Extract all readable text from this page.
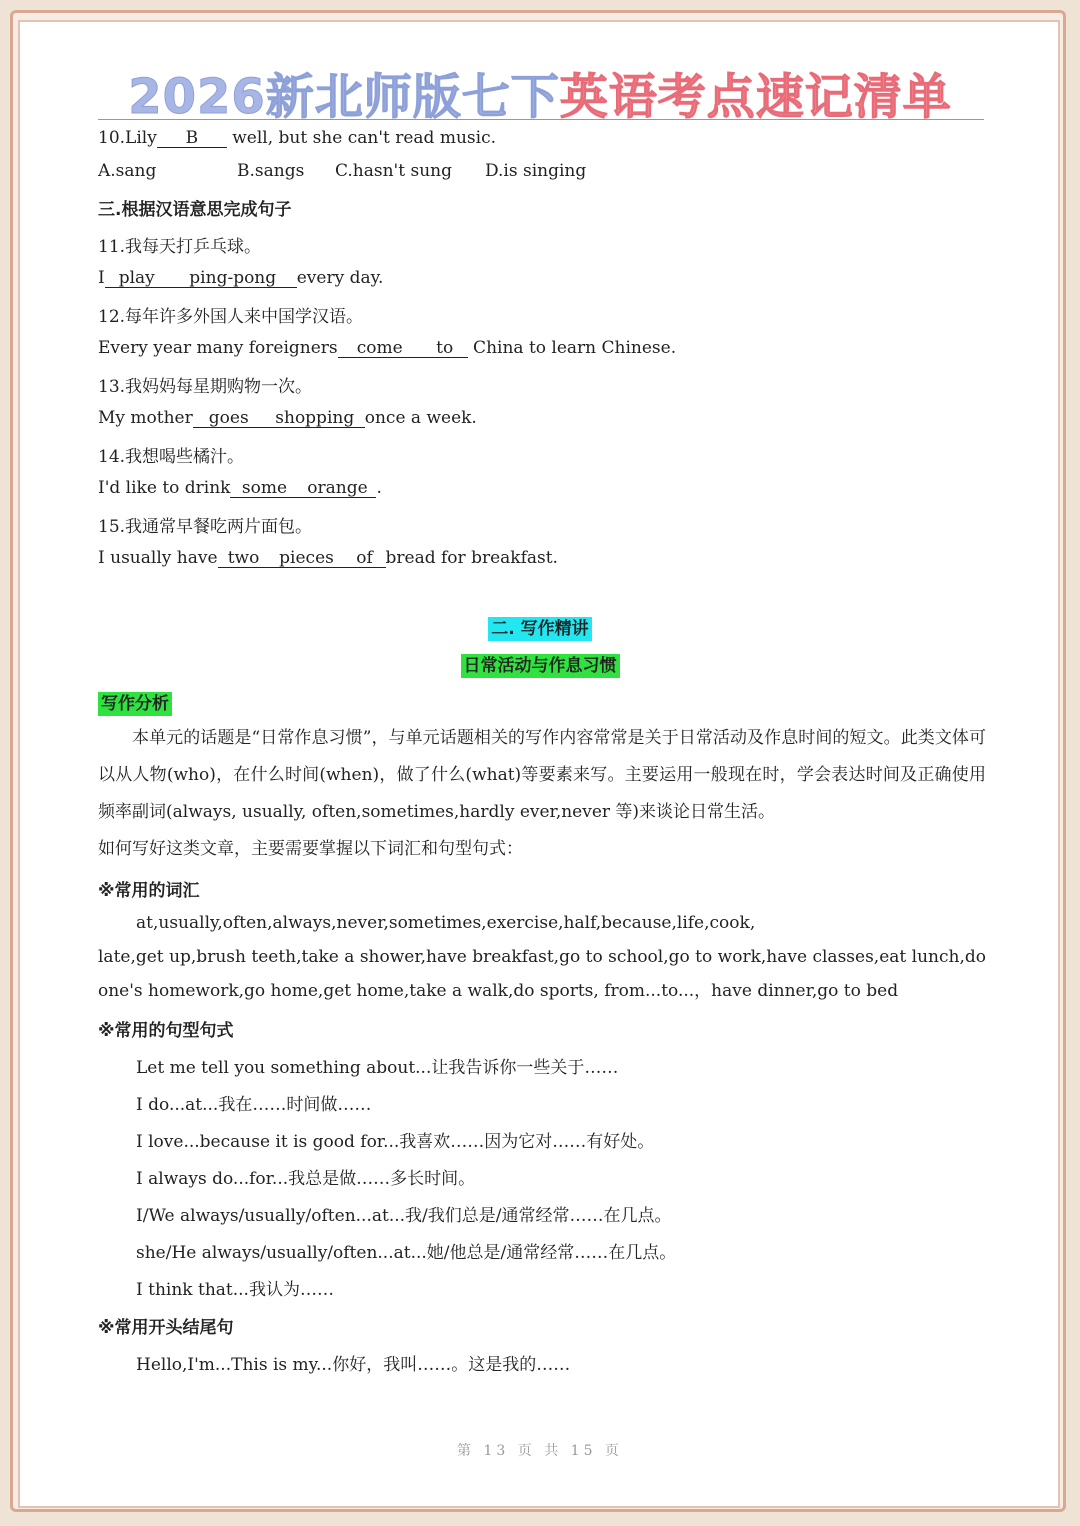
2026新北师版七下英语考点速记清单
10.Lily B well, but she can't read music.
A.sang	B.sangs C.hasn't sung D.is singing
三.根据汉语意思完成句子
11.我每天打乒乓球。
I play ping-pong every day.
12.每年许多外国人来中国学汉语。
Every year many foreigners come to China to learn Chinese.
13.我妈妈每星期购物一次。
My mother goes shopping once a week.
14.我想喝些橘汁。
I'd like to drink some orange .
15.我通常早餐吃两片面包。
I usually have two pieces of bread for breakfast.
二. 写作精讲
日常活动与作息习惯
写作分析

本单元的话题是“日常作息习惯”，与单元话题相关的写作内容常常是关于日常活动及作息时间的短文。此类文体可以从人物(who)，在什么时间(when)，做了什么(what)等要素来写。主要运用一般现在时，学会表达时间及正确使用频率副词(always, usually, often,sometimes,hardly ever,never 等)来谈论日常生活。

如何写好这类文章，主要需要掌握以下词汇和句型句式：

※常用的词汇
at,usually,often,always,never,sometimes,exercise,half,because,life,cook,
late,get up,brush teeth,take a shower,have breakfast,go to school,go to work,have classes,eat lunch,do one's homework,go home,get home,take a walk,do sports, from...to...，have dinner,go to bed
※常用的句型句式
Let me tell you something about...让我告诉你一些关于……
I do...at...我在……时间做……
I love...because it is good for...我喜欢……因为它对……有好处。
I always do...for...我总是做……多长时间。
I/We always/usually/often...at...我/我们总是/通常经常……在几点。
she/He always/usually/often...at...她/他总是/通常经常……在几点。
I think that...我认为……
※常用开头结尾句
Hello,I'm...This is my...你好，我叫……。这是我的……
第 13 页 共 15 页
